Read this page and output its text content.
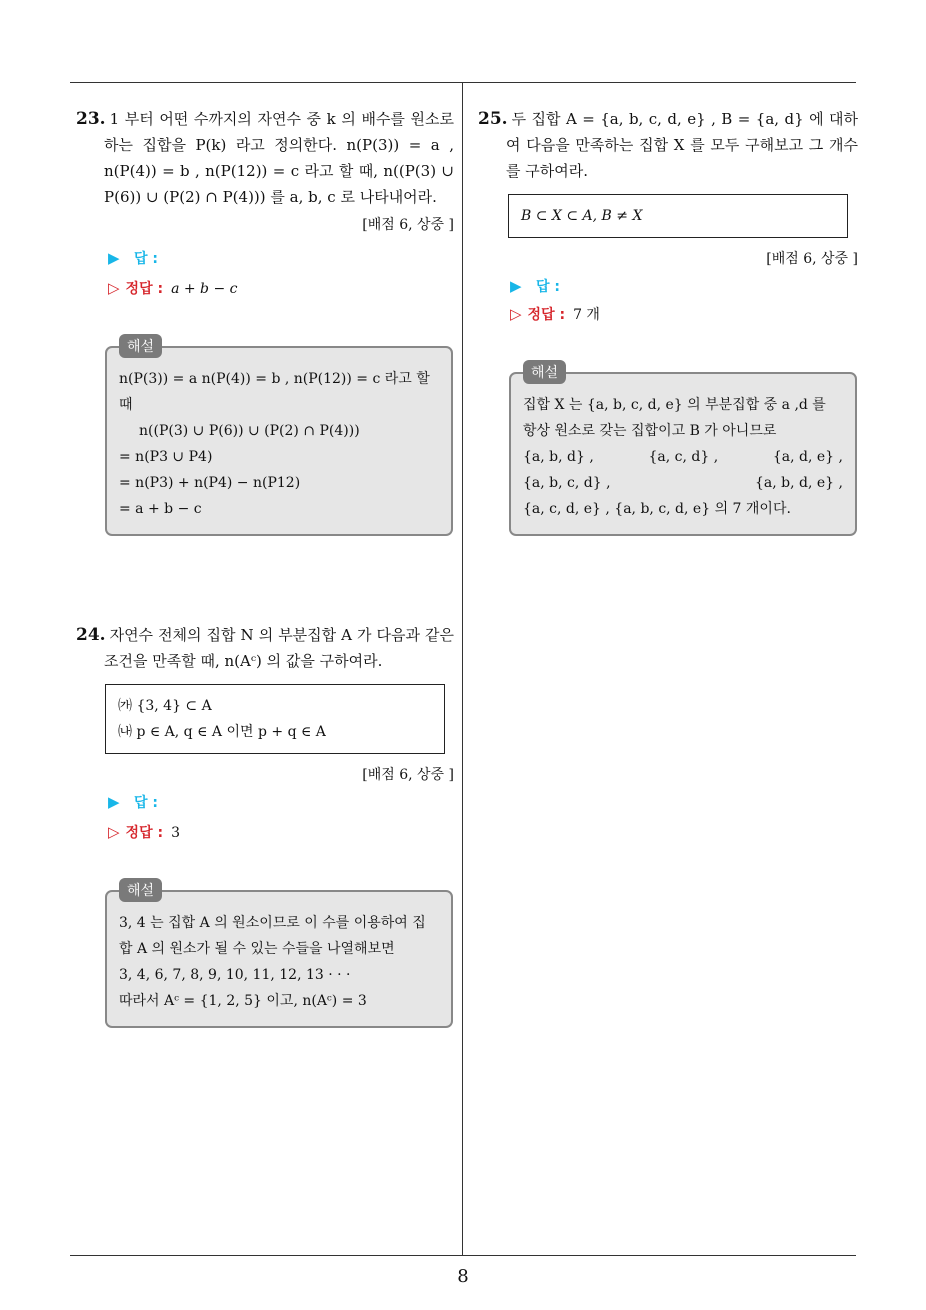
23. 1 부터 어떤 수까지의 자연수 중 k 의 배수를 원소로 하는 집합을 P(k) 라고 정의한다. n(P(3)) = a , n(P(4)) = b , n(P(12)) = c 라고 할 때, n((P(3) ∪ P(6)) ∪ (P(2) ∩ P(4))) 를 a, b, c 로 나타내어라.
[배점 6, 상중 ]
▶ 답 :
▷ 정답 : a + b − c
해설
n(P(3)) = a n(P(4)) = b , n(P(12)) = c 라고 할 때
n((P(3) ∪ P(6)) ∪ (P(2) ∩ P(4)))
= n(P3 ∪ P4)
= n(P3) + n(P4) − n(P12)
= a + b − c
24. 자연수 전체의 집합 N 의 부분집합 A 가 다음과 같은 조건을 만족할 때, n(Aᶜ) 의 값을 구하여라.
㈎ {3, 4} ⊂ A
㈏ p ∈ A, q ∈ A 이면 p + q ∈ A
[배점 6, 상중 ]
▶ 답 :
▷ 정답 : 3
해설
3, 4 는 집합 A 의 원소이므로 이 수를 이용하여 집합 A 의 원소가 될 수 있는 수들을 나열해보면
3, 4, 6, 7, 8, 9, 10, 11, 12, 13 · · ·
따라서 Aᶜ = {1, 2, 5} 이고, n(Aᶜ) = 3
25. 두 집합 A = {a, b, c, d, e} , B = {a, d} 에 대하여 다음을 만족하는 집합 X 를 모두 구해보고 그 개수를 구하여라.
B ⊂ X ⊂ A, B ≠ X
[배점 6, 상중 ]
▶ 답 :
▷ 정답 : 7 개
해설
집합 X 는 {a, b, c, d, e} 의 부분집합 중 a ,d 를 항상 원소로 갖는 집합이고 B 가 아니므로
{a, b, d} ,	{a, c, d} ,	{a, d, e} ,
{a, b, c, d} ,	{a, b, d, e} ,
{a, c, d, e} , {a, b, c, d, e} 의 7 개이다.
8
